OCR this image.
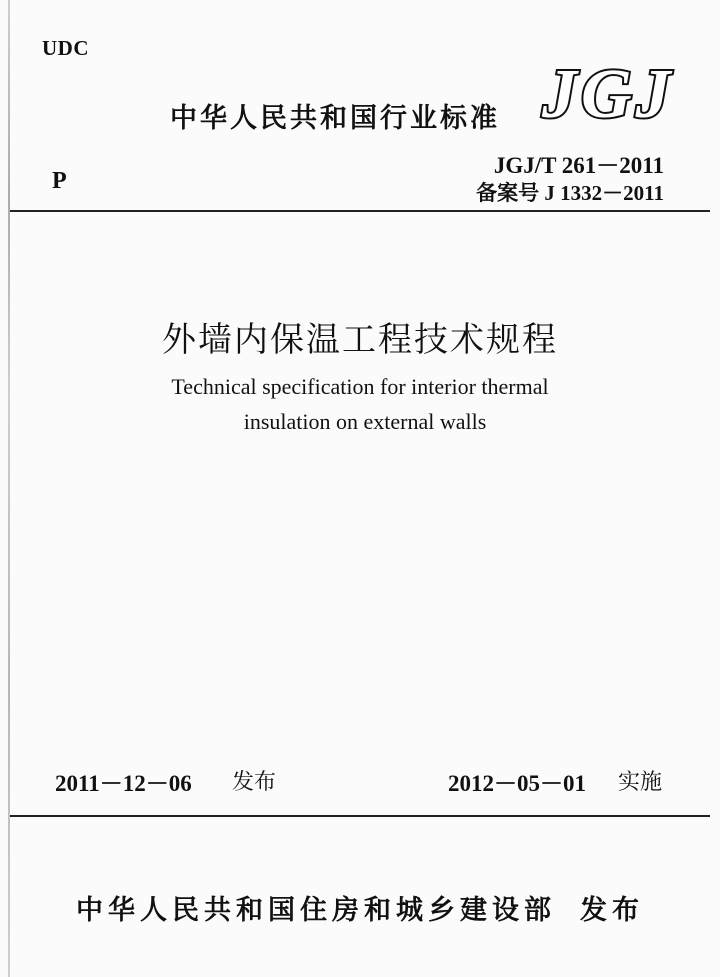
UDC
中华人民共和国行业标准 JGJ
P
JGJ/T 261－2011
备案号 J 1332－2011
外墙内保温工程技术规程
Technical specification for interior thermal
insulation on external walls
2011－12－06 发布	2012－05－01 实施
中华人民共和国住房和城乡建设部 发布
